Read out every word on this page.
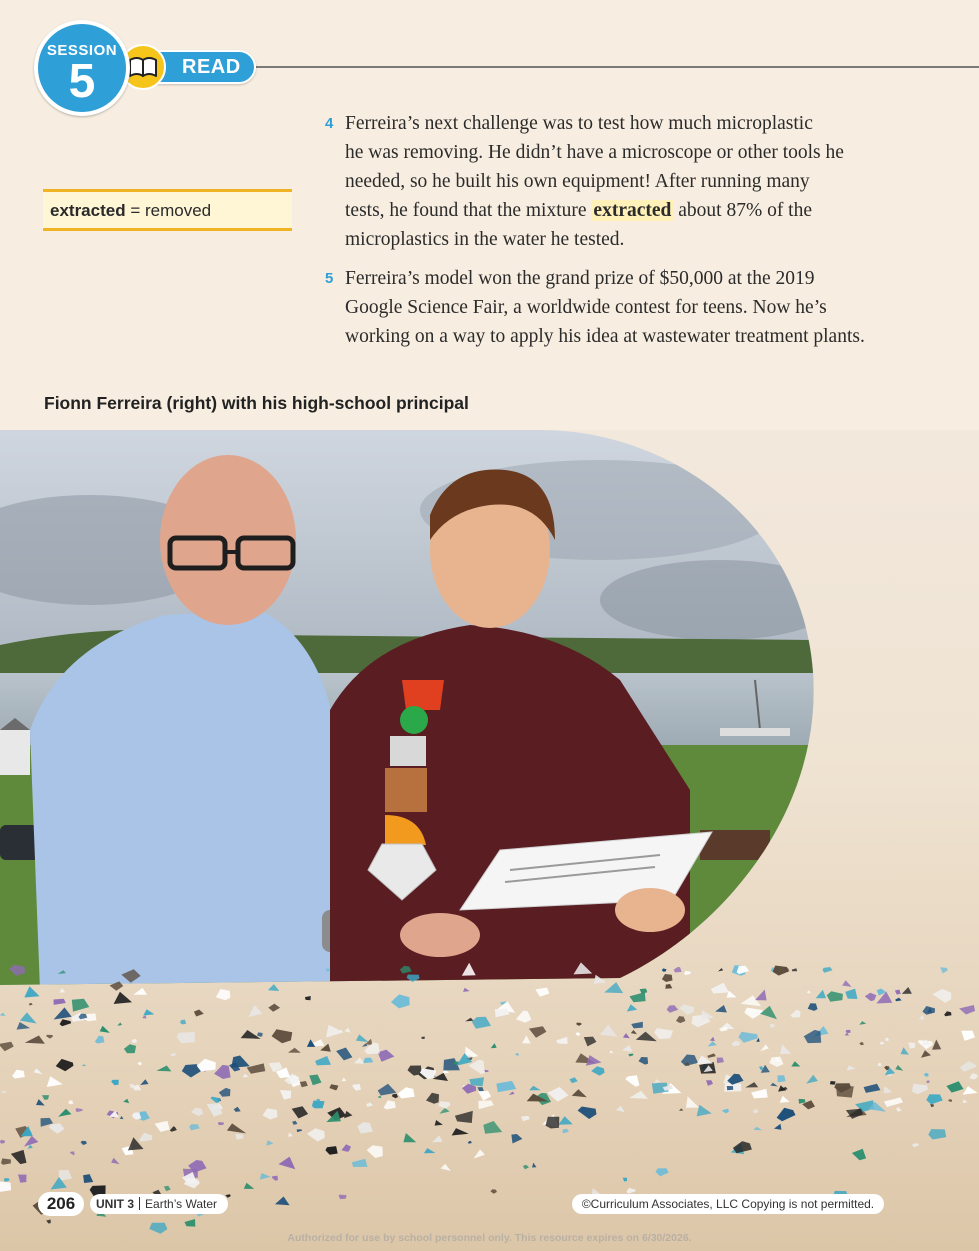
READ
SESSION
5
extracted = removed
4 Ferreira’s next challenge was to test how much microplastic
he was removing. He didn’t have a microscope or other tools he
needed, so he built his own equipment! After running many
tests, he found that the mixture extracted about 87% of the
microplastics in the water he tested.
5 Ferreira’s model won the grand prize of $50,000 at the 2019
Google Science Fair, a worldwide contest for teens. Now he’s
working on a way to apply his idea at wastewater treatment plants.
Fionn Ferreira (right) with his high-school principal
206	UNIT 3 Earth’s Water	©Curriculum Associates, LLC Copying is not permitted.
Authorized for use by school personnel only. This resource expires on 6/30/2026.
